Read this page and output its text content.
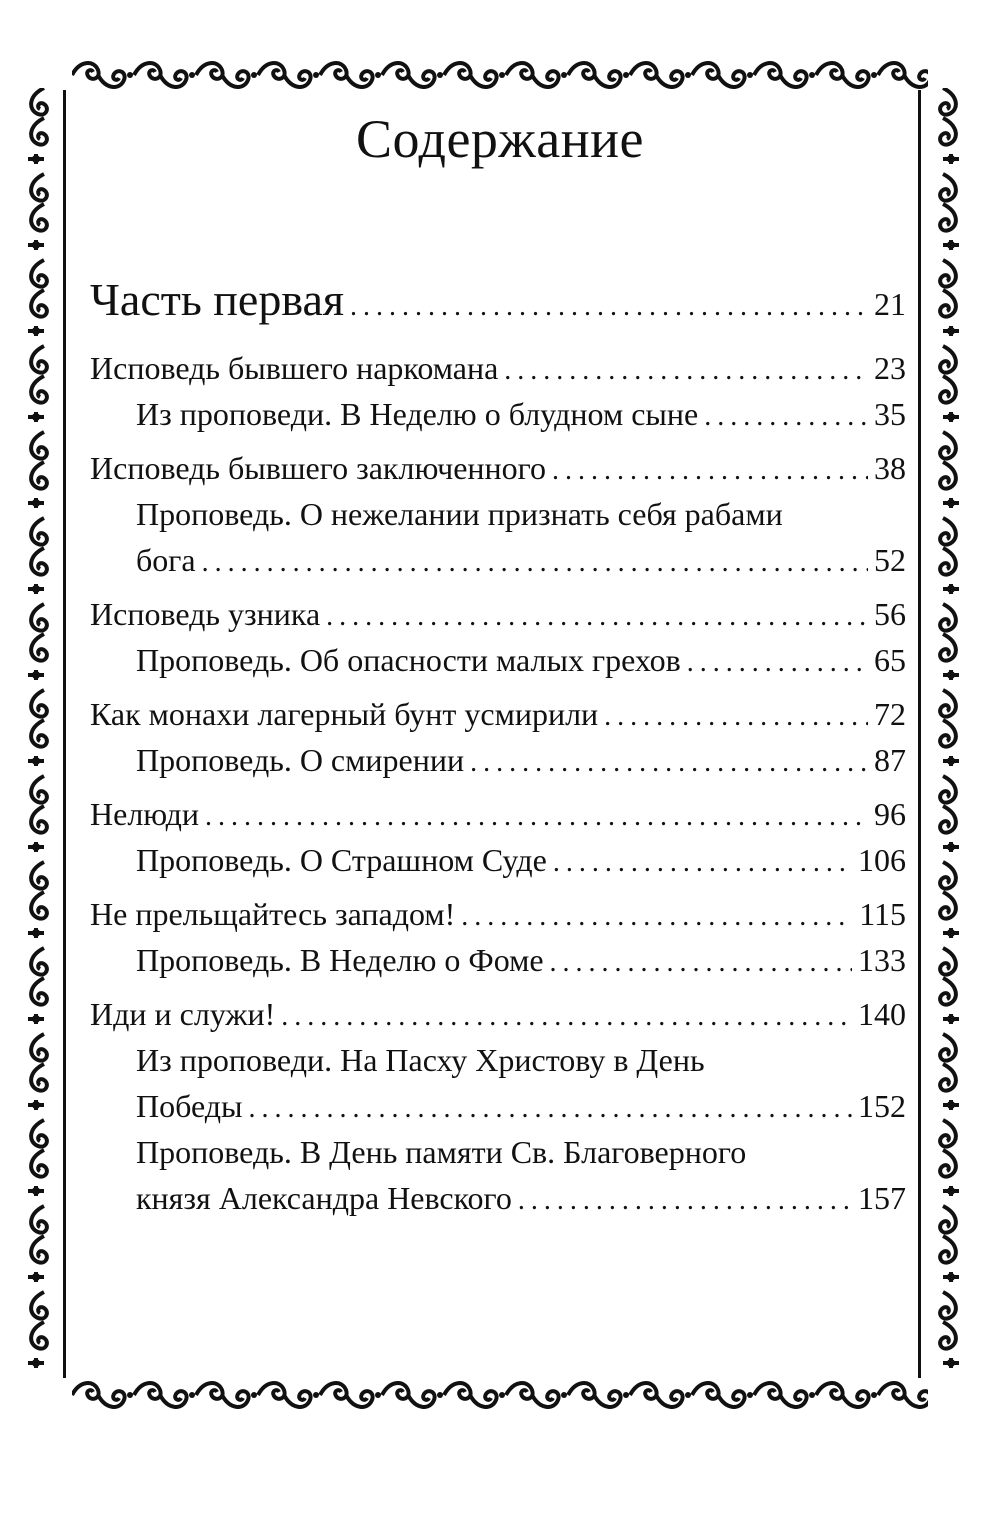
Содержание
Часть первая .....	21
Исповедь бывшего наркомана .....	23
Из проповеди. В Неделю о блудном сыне .....	35
Исповедь бывшего заключенного .....	38
Проповедь. О нежелании признать себя рабами
бога .....	52
Исповедь узника .....	56
Проповедь. Об опасности малых грехов .....	65
Как монахи лагерный бунт усмирили .....	72
Проповедь. О смирении .....	87
Нелюди .....	96
Проповедь. О Страшном Суде .....	106
Не прельщайтесь западом! .....	115
Проповедь. В Неделю о Фоме .....	133
Иди и служи! .....	140
Из проповеди. На Пасху Христову в День
Победы .....	152
Проповедь. В День памяти Св. Благоверного
князя Александра Невского .....	157
